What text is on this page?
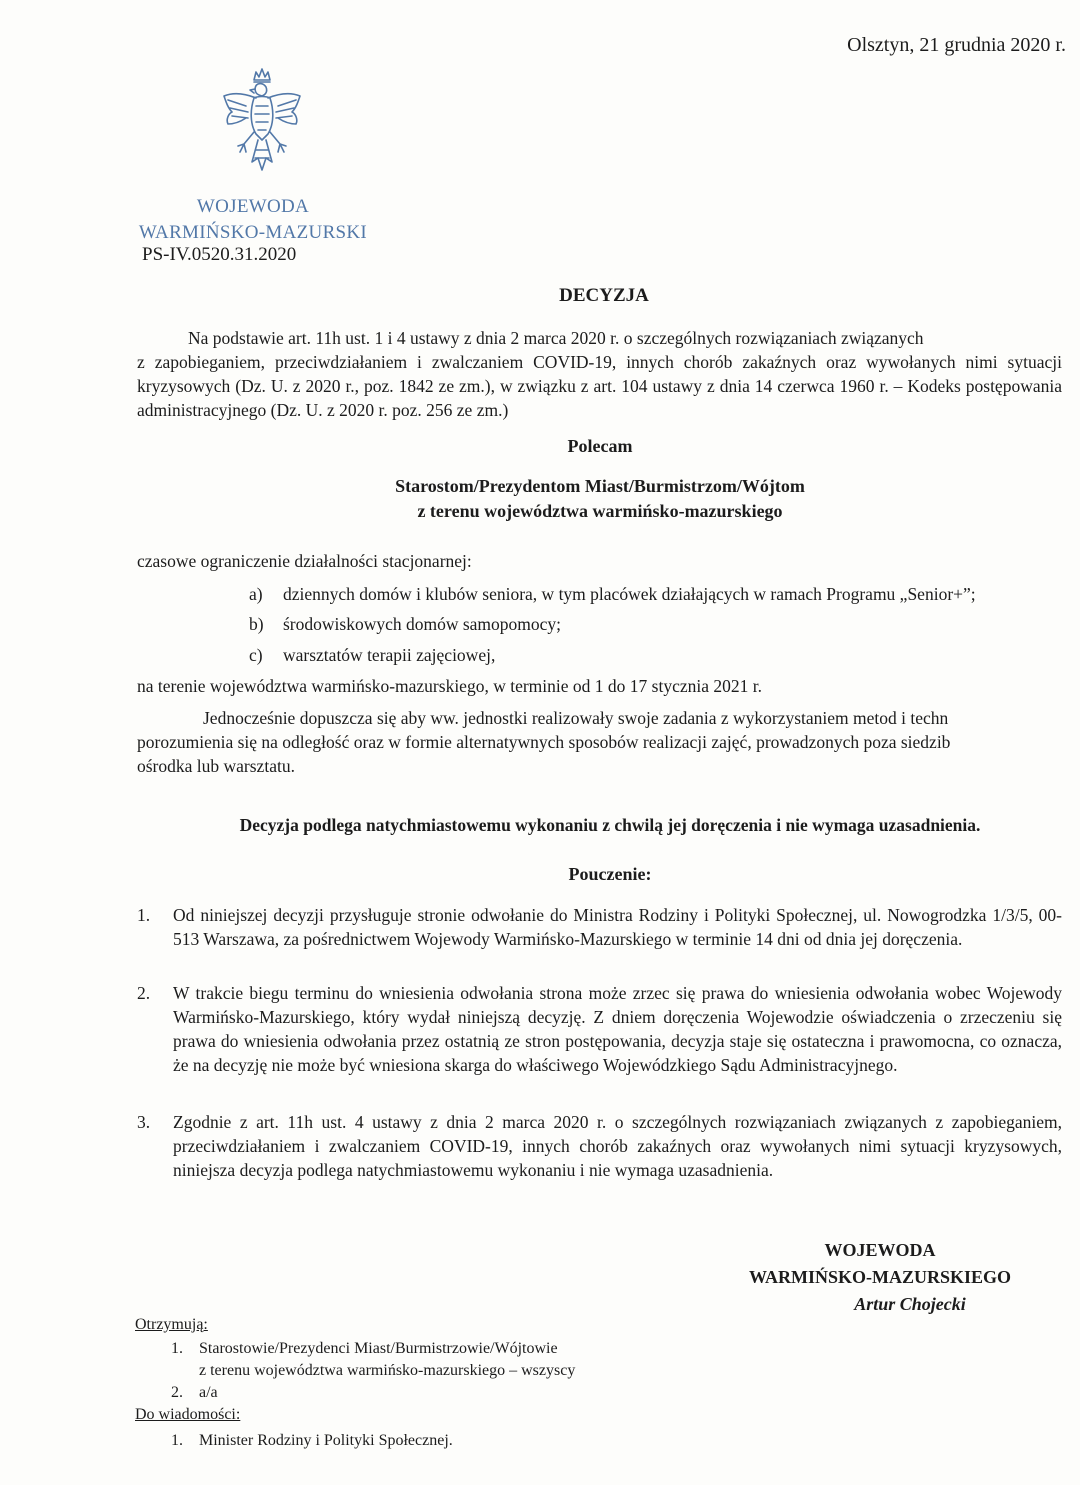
Olsztyn, 21 grudnia 2020 r.
WOJEWODA
WARMIŃSKO-MAZURSKI
PS-IV.0520.31.2020
DECYZJA
Na podstawie art. 11h ust. 1 i 4 ustawy z dnia 2 marca 2020 r. o szczególnych rozwiązaniach związanych
z zapobieganiem, przeciwdziałaniem i zwalczaniem COVID-19, innych chorób zakaźnych oraz wywołanych nimi sytuacji kryzysowych (Dz. U. z 2020 r., poz. 1842 ze zm.), w związku z art. 104 ustawy z dnia 14 czerwca 1960 r. – Kodeks postępowania administracyjnego (Dz. U. z 2020 r. poz. 256 ze zm.)
Polecam
Starostom/Prezydentom Miast/Burmistrzom/Wójtom
z terenu województwa warmińsko-mazurskiego
czasowe ograniczenie działalności stacjonarnej:
a) dziennych domów i klubów seniora, w tym placówek działających w ramach Programu „Senior+”;
b) środowiskowych domów samopomocy;
c) warsztatów terapii zajęciowej,
na terenie województwa warmińsko-mazurskiego, w terminie od 1 do 17 stycznia 2021 r.
Jednocześnie dopuszcza się aby ww. jednostki realizowały swoje zadania z wykorzystaniem metod i techn
porozumienia się na odległość oraz w formie alternatywnych sposobów realizacji zajęć, prowadzonych poza siedzib
ośrodka lub warsztatu.
Decyzja podlega natychmiastowemu wykonaniu z chwilą jej doręczenia i nie wymaga uzasadnienia.
Pouczenie:
1.	Od niniejszej decyzji przysługuje stronie odwołanie do Ministra Rodziny i Polityki Społecznej, ul. Nowogrodzka 1/3/5, 00-513 Warszawa, za pośrednictwem Wojewody Warmińsko-Mazurskiego w terminie 14 dni od dnia jej doręczenia.
2.	W trakcie biegu terminu do wniesienia odwołania strona może zrzec się prawa do wniesienia odwołania wobec Wojewody Warmińsko-Mazurskiego, który wydał niniejszą decyzję. Z dniem doręczenia Wojewodzie oświadczenia o zrzeczeniu się prawa do wniesienia odwołania przez ostatnią ze stron postępowania, decyzja staje się ostateczna i prawomocna, co oznacza, że na decyzję nie może być wniesiona skarga do właściwego Wojewódzkiego Sądu Administracyjnego.
3.	Zgodnie z art. 11h ust. 4 ustawy z dnia 2 marca 2020 r. o szczególnych rozwiązaniach związanych z zapobieganiem, przeciwdziałaniem i zwalczaniem COVID-19, innych chorób zakaźnych oraz wywołanych nimi sytuacji kryzysowych, niniejsza decyzja podlega natychmiastowemu wykonaniu i nie wymaga uzasadnienia.
WOJEWODA
WARMIŃSKO-MAZURSKIEGO
Artur Chojecki
Otrzymują:
1. Starostowie/Prezydenci Miast/Burmistrzowie/Wójtowie
z terenu województwa warmińsko-mazurskiego – wszyscy
2. a/a
Do wiadomości:
1. Minister Rodziny i Polityki Społecznej.
